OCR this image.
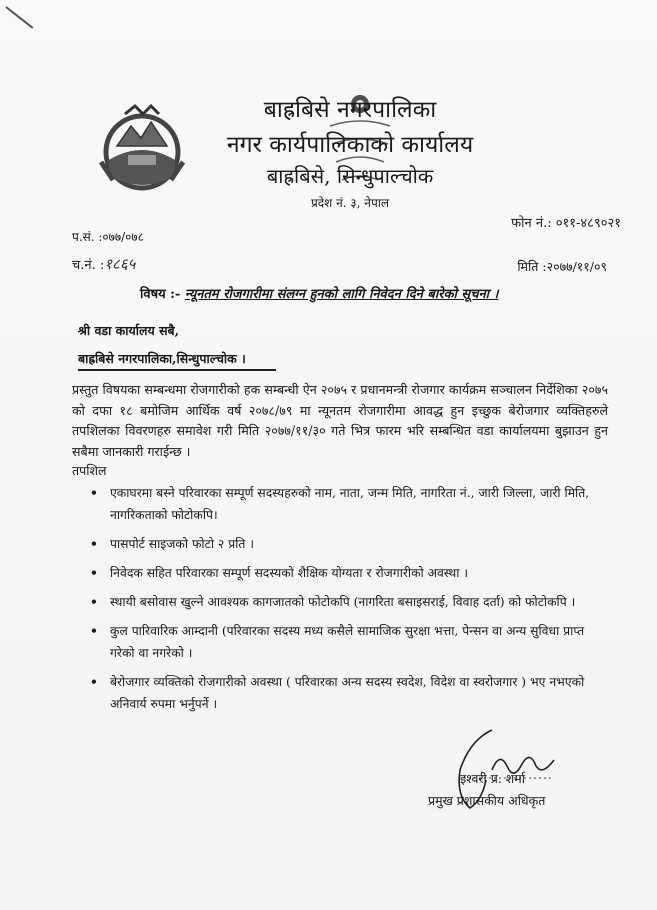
बाह्रबिसे नगरपालिका
नगर कार्यपालिकाको कार्यालय
बाह्रबिसे, सिन्धुपाल्चोक
प्रदेश नं. ३, नेपाल
फोन नं.: ०११-४८९०२१
प.सं. :०७७/०७८
च.नं. :१८६५	मिति :२०७७/११/०९
विषय :- न्यूनतम रोजगारीमा संलग्न हुनको लागि निवेदन दिने बारेको सूचना ।
श्री वडा कार्यालय सबै,
बाह्रबिसे नगरपालिका,सिन्धुपाल्चोक ।
प्रस्तुत विषयका सम्बन्धमा रोजगारीको हक सम्बन्धी ऐन २०७५ र प्रधानमन्त्री रोजगार कार्यक्रम सञ्चालन निर्देशिका २०७५ को दफा १८ बमोजिम आर्थिक वर्ष २०७८/७९ मा न्यूनतम रोजगारीमा आवद्ध हुन इच्छुक बेरोजगार व्यक्तिहरुले तपशिलका विवरणहरु समावेश गरी मिति २०७७/११/३० गते भित्र फारम भरि सम्बन्धित वडा कार्यालयमा बुझाउन हुन सबैमा जानकारी गराईन्छ ।
तपशिल
• एकाघरमा बस्ने परिवारका सम्पूर्ण सदस्यहरुको नाम, नाता, जन्म मिति, नागरिता नं., जारी जिल्ला, जारी मिति, नागरिकताको फोटोकपि।
• पासपोर्ट साइजको फोटो २ प्रति ।
• निवेदक सहित परिवारका सम्पूर्ण सदस्यको शैक्षिक योग्यता र रोजगारीको अवस्था ।
• स्थायी बसोवास खुल्ने आवश्यक कागजातको फोटोकपि (नागरिता बसाइसराई, विवाह दर्ता) को फोटोकपि ।
• कुल पारिवारिक आम्दानी (परिवारका सदस्य मध्य कसैले सामाजिक सुरक्षा भत्ता, पेन्सन वा अन्य सुविधा प्राप्त गरेको वा नगरेको ।
• बेरोजगार व्यक्तिको रोजगारीको अवस्था ( परिवारका अन्य सदस्य स्वदेश, विदेश वा स्वरोजगार ) भए नभएको अनिवार्य रुपमा भर्नुपर्ने ।
इश्वरी प्र. शर्मा
प्रमुख प्रशासकीय अधिकृत
